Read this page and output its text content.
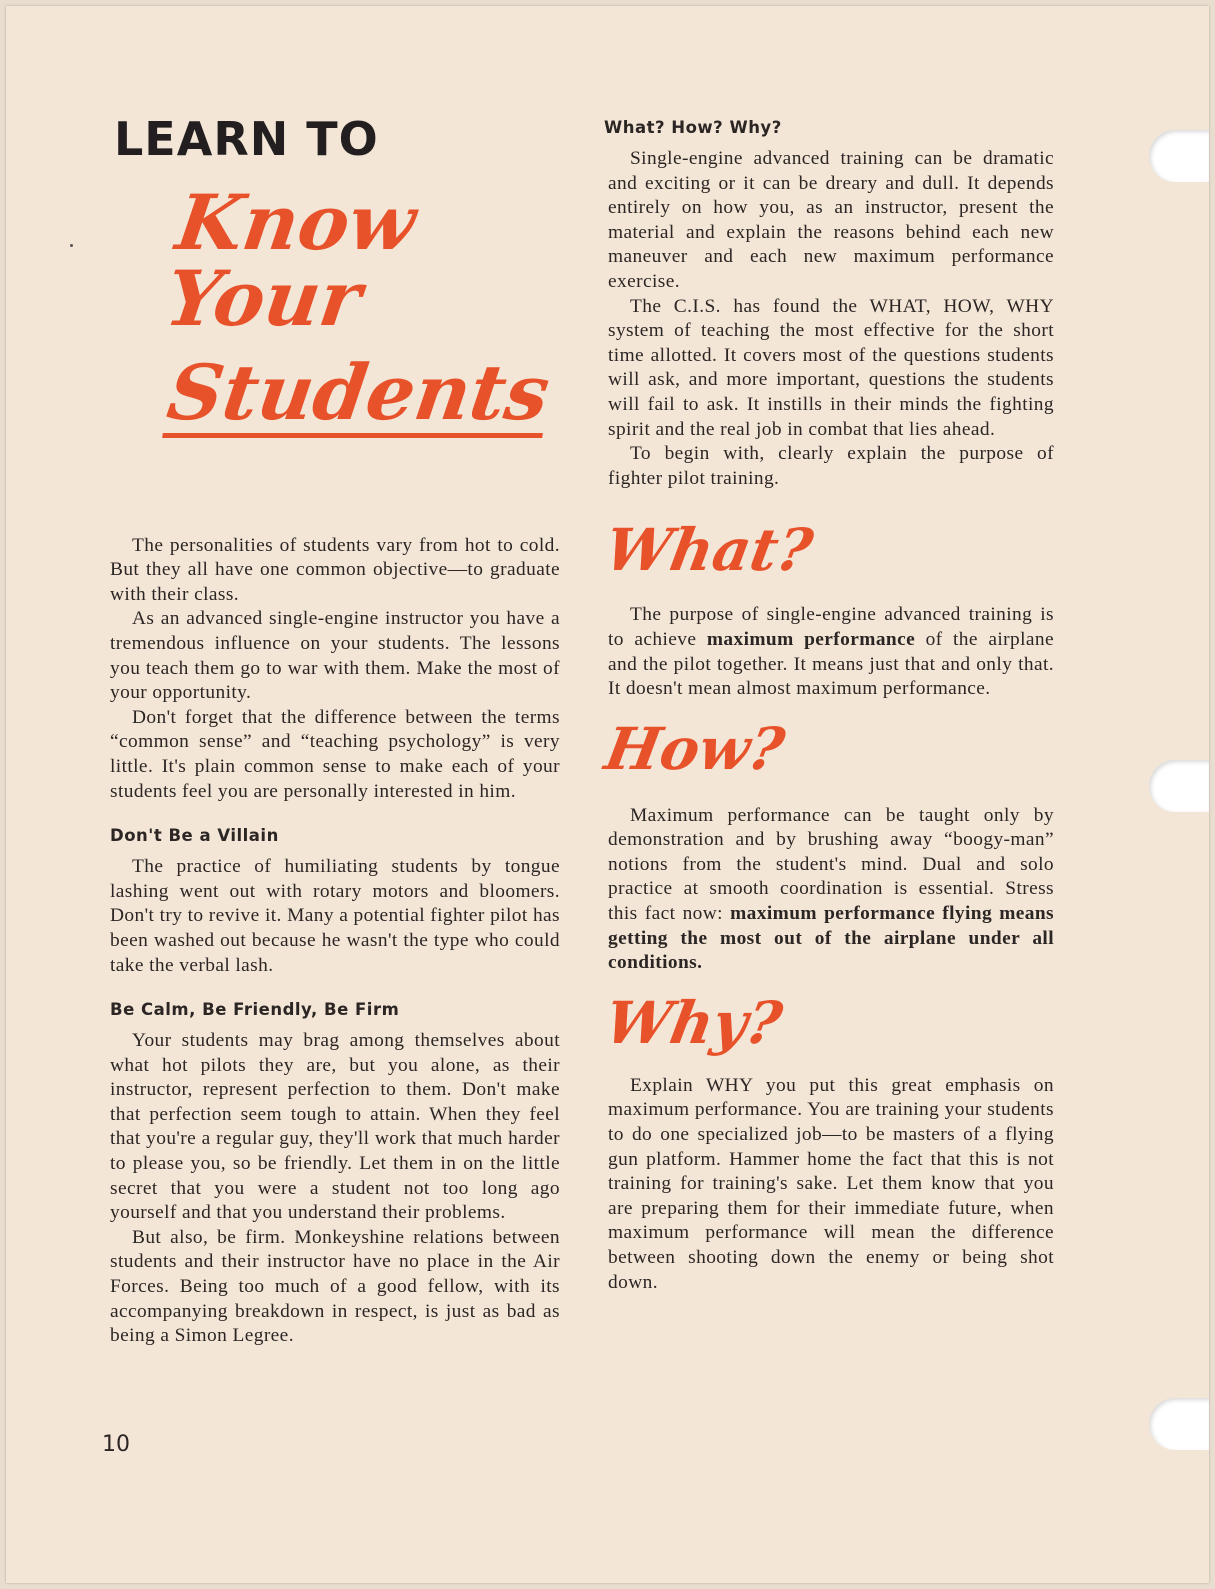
LEARN TO
Know Your
Students

The personalities of students vary from hot to cold. But they all have one common objective—to graduate with their class.

As an advanced single-engine instructor you have a tremendous influence on your students. The lessons you teach them go to war with them. Make the most of your opportunity.

Don't forget that the difference between the terms “common sense” and “teaching psychology” is very little. It's plain common sense to make each of your students feel you are personally interested in him.

Don't Be a Villain

The practice of humiliating students by tongue lashing went out with rotary motors and bloomers. Don't try to revive it. Many a potential fighter pilot has been washed out because he wasn't the type who could take the verbal lash.

Be Calm, Be Friendly, Be Firm

Your students may brag among themselves about what hot pilots they are, but you alone, as their instructor, represent perfection to them. Don't make that perfection seem tough to attain. When they feel that you're a regular guy, they'll work that much harder to please you, so be friendly. Let them in on the little secret that you were a student not too long ago yourself and that you understand their problems.

But also, be firm. Monkeyshine relations between students and their instructor have no place in the Air Forces. Being too much of a good fellow, with its accompanying breakdown in respect, is just as bad as being a Simon Legree.

What? How? Why?

Single-engine advanced training can be dramatic and exciting or it can be dreary and dull. It depends entirely on how you, as an instructor, present the material and explain the reasons behind each new maneuver and each new maximum performance exercise.

The C.I.S. has found the WHAT, HOW, WHY system of teaching the most effective for the short time allotted. It covers most of the questions students will ask, and more important, questions the students will fail to ask. It instills in their minds the fighting spirit and the real job in combat that lies ahead.

To begin with, clearly explain the purpose of fighter pilot training.

What?

The purpose of single-engine advanced training is to achieve maximum performance of the airplane and the pilot together. It means just that and only that. It doesn't mean almost maximum performance.

How?

Maximum performance can be taught only by demonstration and by brushing away “boogy-man” notions from the student's mind. Dual and solo practice at smooth coordination is essential. Stress this fact now: maximum performance flying means getting the most out of the airplane under all conditions.

Why?

Explain WHY you put this great emphasis on maximum performance. You are training your students to do one specialized job—to be masters of a flying gun platform. Hammer home the fact that this is not training for training's sake. Let them know that you are preparing them for their immediate future, when maximum performance will mean the difference between shooting down the enemy or being shot down.

10
